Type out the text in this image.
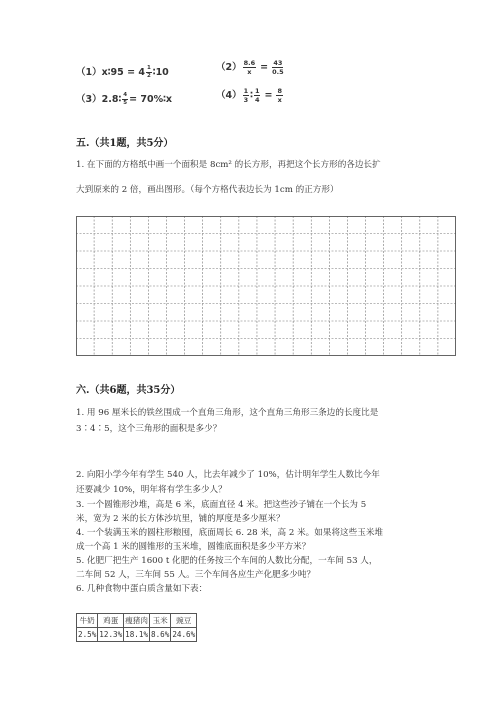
（1）x∶95 = $4 \frac{1}{2}$ ∶10	$(2) \frac{8.6}{x} = \frac{43}{0.5}$
（3）2.8∶ $\frac{4}{5}$ = 70%∶x	$(4) \frac{1}{3}$ ∶ $\frac{1}{4} = \frac{8}{x}$
五.（共1题，共5分）
1. 在下面的方格纸中画一个面积是 8cm² 的长方形，再把这个长方形的各边长扩
大到原来的 2 倍，画出图形。（每个方格代表边长为 1cm 的正方形）
六.（共6题，共35分）
1. 用 96 厘米长的铁丝围成一个直角三角形，这个直角三角形三条边的长度比是
3∶4∶5，这个三角形的面积是多少？
2. 向阳小学今年有学生 540 人，比去年减少了 10%，估计明年学生人数比今年
还要减少 10%，明年将有学生多少人？
3. 一个圆锥形沙堆，高是 6 米，底面直径 4 米。把这些沙子铺在一个长为 5
米，宽为 2 米的长方体沙坑里，铺的厚度是多少厘米？
4. 一个装满玉米的圆柱形粮囤，底面周长 6. 28 米，高 2 米。如果将这些玉米堆
成一个高 1 米的圆锥形的玉米堆，圆锥底面积是多少平方米？
5. 化肥厂把生产 1600 t 化肥的任务按三个车间的人数比分配，一车间 53 人，
二车间 52 人，三车间 55 人。三个车间各应生产化肥多少吨？
6. 几种食物中蛋白质含量如下表：
牛奶	鸡蛋	瘦猪肉	玉米	豌豆
2.5%	12.3%	18.1%	8.6%	24.6%
